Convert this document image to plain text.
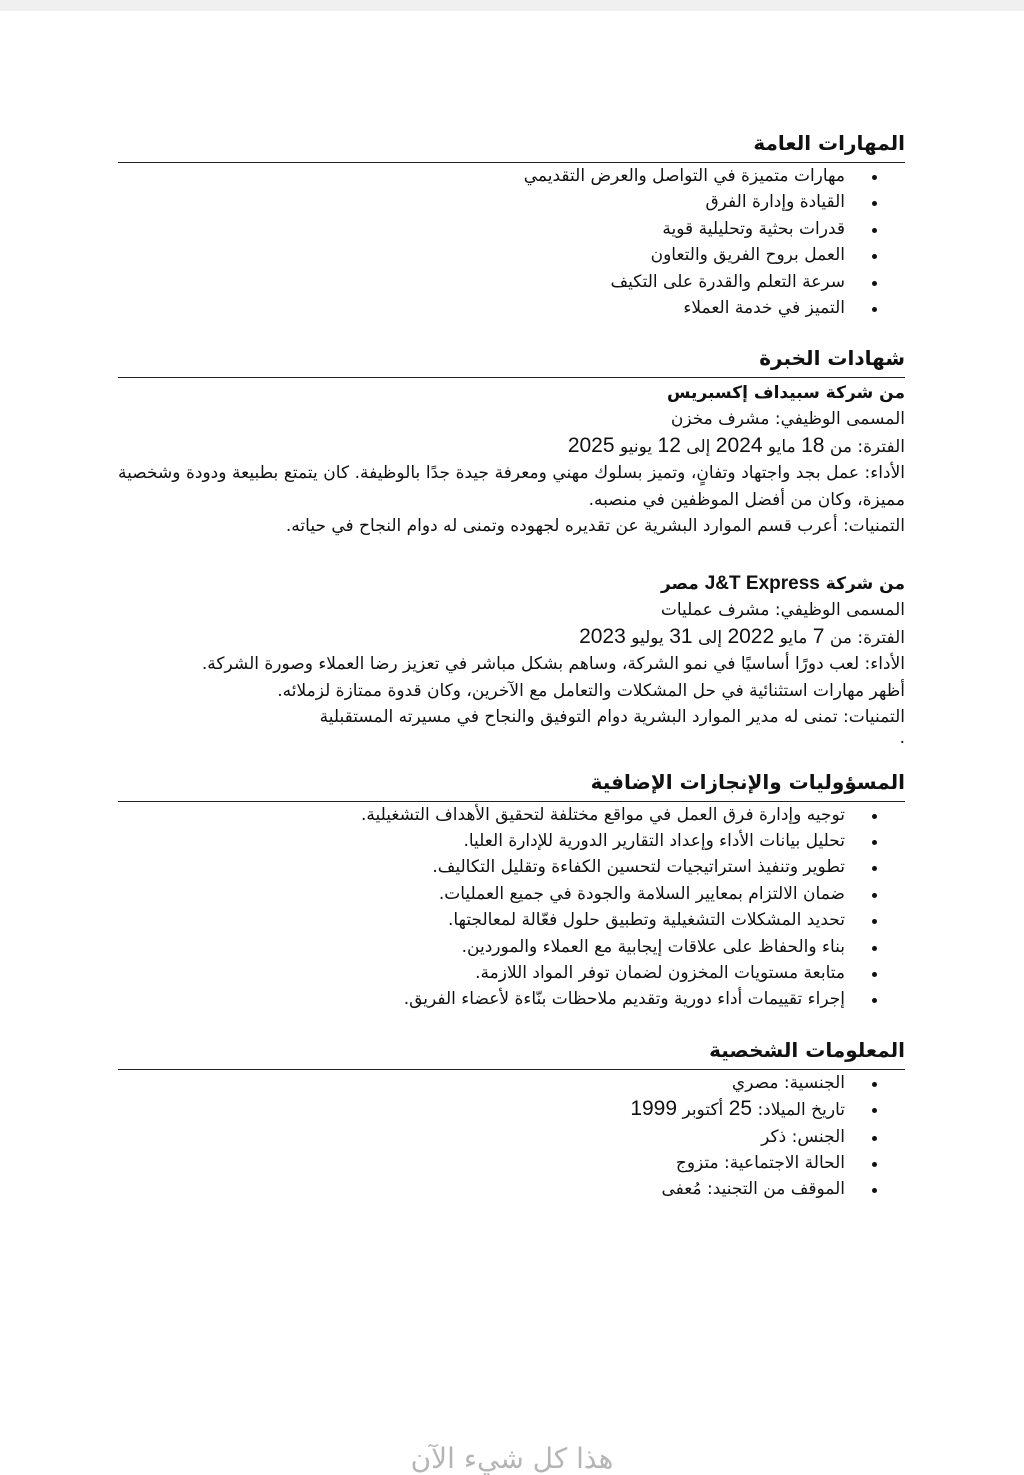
المهارات العامة
مهارات متميزة في التواصل والعرض التقديمي
القيادة وإدارة الفرق
قدرات بحثية وتحليلية قوية
العمل بروح الفريق والتعاون
سرعة التعلم والقدرة على التكيف
التميز في خدمة العملاء
شهادات الخبرة
من شركة سبيداف إكسبريس
المسمى الوظيفي: مشرف مخزن
الفترة: من 18 مايو 2024 إلى 12 يونيو 2025
الأداء: عمل بجد واجتهاد وتفانٍ، وتميز بسلوك مهني ومعرفة جيدة جدًا بالوظيفة. كان يتمتع بطبيعة ودودة وشخصية مميزة، وكان من أفضل الموظفين في منصبه.
التمنيات: أعرب قسم الموارد البشرية عن تقديره لجهوده وتمنى له دوام النجاح في حياته.
من شركة J&T Express مصر
المسمى الوظيفي: مشرف عمليات
الفترة: من 7 مايو 2022 إلى 31 يوليو 2023
الأداء: لعب دورًا أساسيًا في نمو الشركة، وساهم بشكل مباشر في تعزيز رضا العملاء وصورة الشركة.
أظهر مهارات استثنائية في حل المشكلات والتعامل مع الآخرين، وكان قدوة ممتازة لزملائه.
التمنيات: تمنى له مدير الموارد البشرية دوام التوفيق والنجاح في مسيرته المستقبلية
.
المسؤوليات والإنجازات الإضافية
توجيه وإدارة فرق العمل في مواقع مختلفة لتحقيق الأهداف التشغيلية.
تحليل بيانات الأداء وإعداد التقارير الدورية للإدارة العليا.
تطوير وتنفيذ استراتيجيات لتحسين الكفاءة وتقليل التكاليف.
ضمان الالتزام بمعايير السلامة والجودة في جميع العمليات.
تحديد المشكلات التشغيلية وتطبيق حلول فعّالة لمعالجتها.
بناء والحفاظ على علاقات إيجابية مع العملاء والموردين.
متابعة مستويات المخزون لضمان توفر المواد اللازمة.
إجراء تقييمات أداء دورية وتقديم ملاحظات بنّاءة لأعضاء الفريق.
المعلومات الشخصية
الجنسية: مصري
تاريخ الميلاد: 25 أكتوبر 1999
الجنس: ذكر
الحالة الاجتماعية: متزوج
الموقف من التجنيد: مُعفى
هذا كل شيء الآن
